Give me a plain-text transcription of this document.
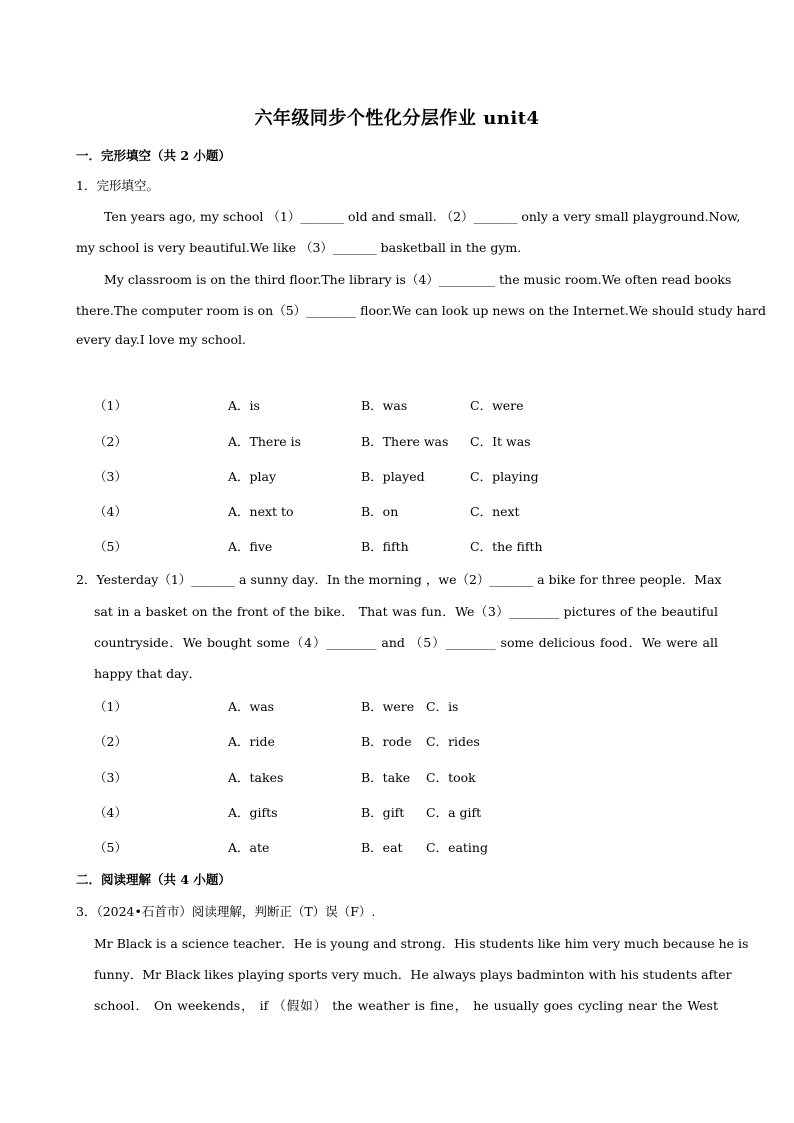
六年级同步个性化分层作业 unit4
一．完形填空（共 2 小题）
1．完形填空。
Ten years ago, my school （1）_______ old and small. （2）_______ only a very small playground.Now,
my school is very beautiful.We like （3）_______ basketball in the gym.
My classroom is on the third floor.The library is（4）_________ the music room.We often read books
there.The computer room is on（5）________ floor.We can look up news on the Internet.We should study hard
every day.I love my school.
（1）	A．is	B．was	C．were
（2）	A．There is	B．There was C．It was
（3）	A．play	B．played	C．playing
（4）	A．next to	B．on	C．next
（5）	A．five	B．fifth	C．the fifth
2．Yesterday（1）_______ a sunny day．In the morning ，we（2）_______ a bike for three people．Max
sat in a basket on the front of the bike． That was fun．We（3）________ pictures of the beautiful
countryside．We bought some（4）________ and （5）________ some delicious food．We were all
happy that day．
（1）	A．was	B．were C．is
（2）	A．ride	B．rode C．rides
（3）	A．takes	B．take C．took
（4）	A．gifts	B．gift C．a gift
（5）	A．ate	B．eat C．eating
二．阅读理解（共 4 小题）
3．（2024•石首市）阅读理解，判断正（T）误（F）.
Mr Black is a science teacher．He is young and strong．His students like him very much because he is
funny．Mr Black likes playing sports very much．He always plays badminton with his students after
school． On weekends， if （假如） the weather is fine， he usually goes cycling near the West
